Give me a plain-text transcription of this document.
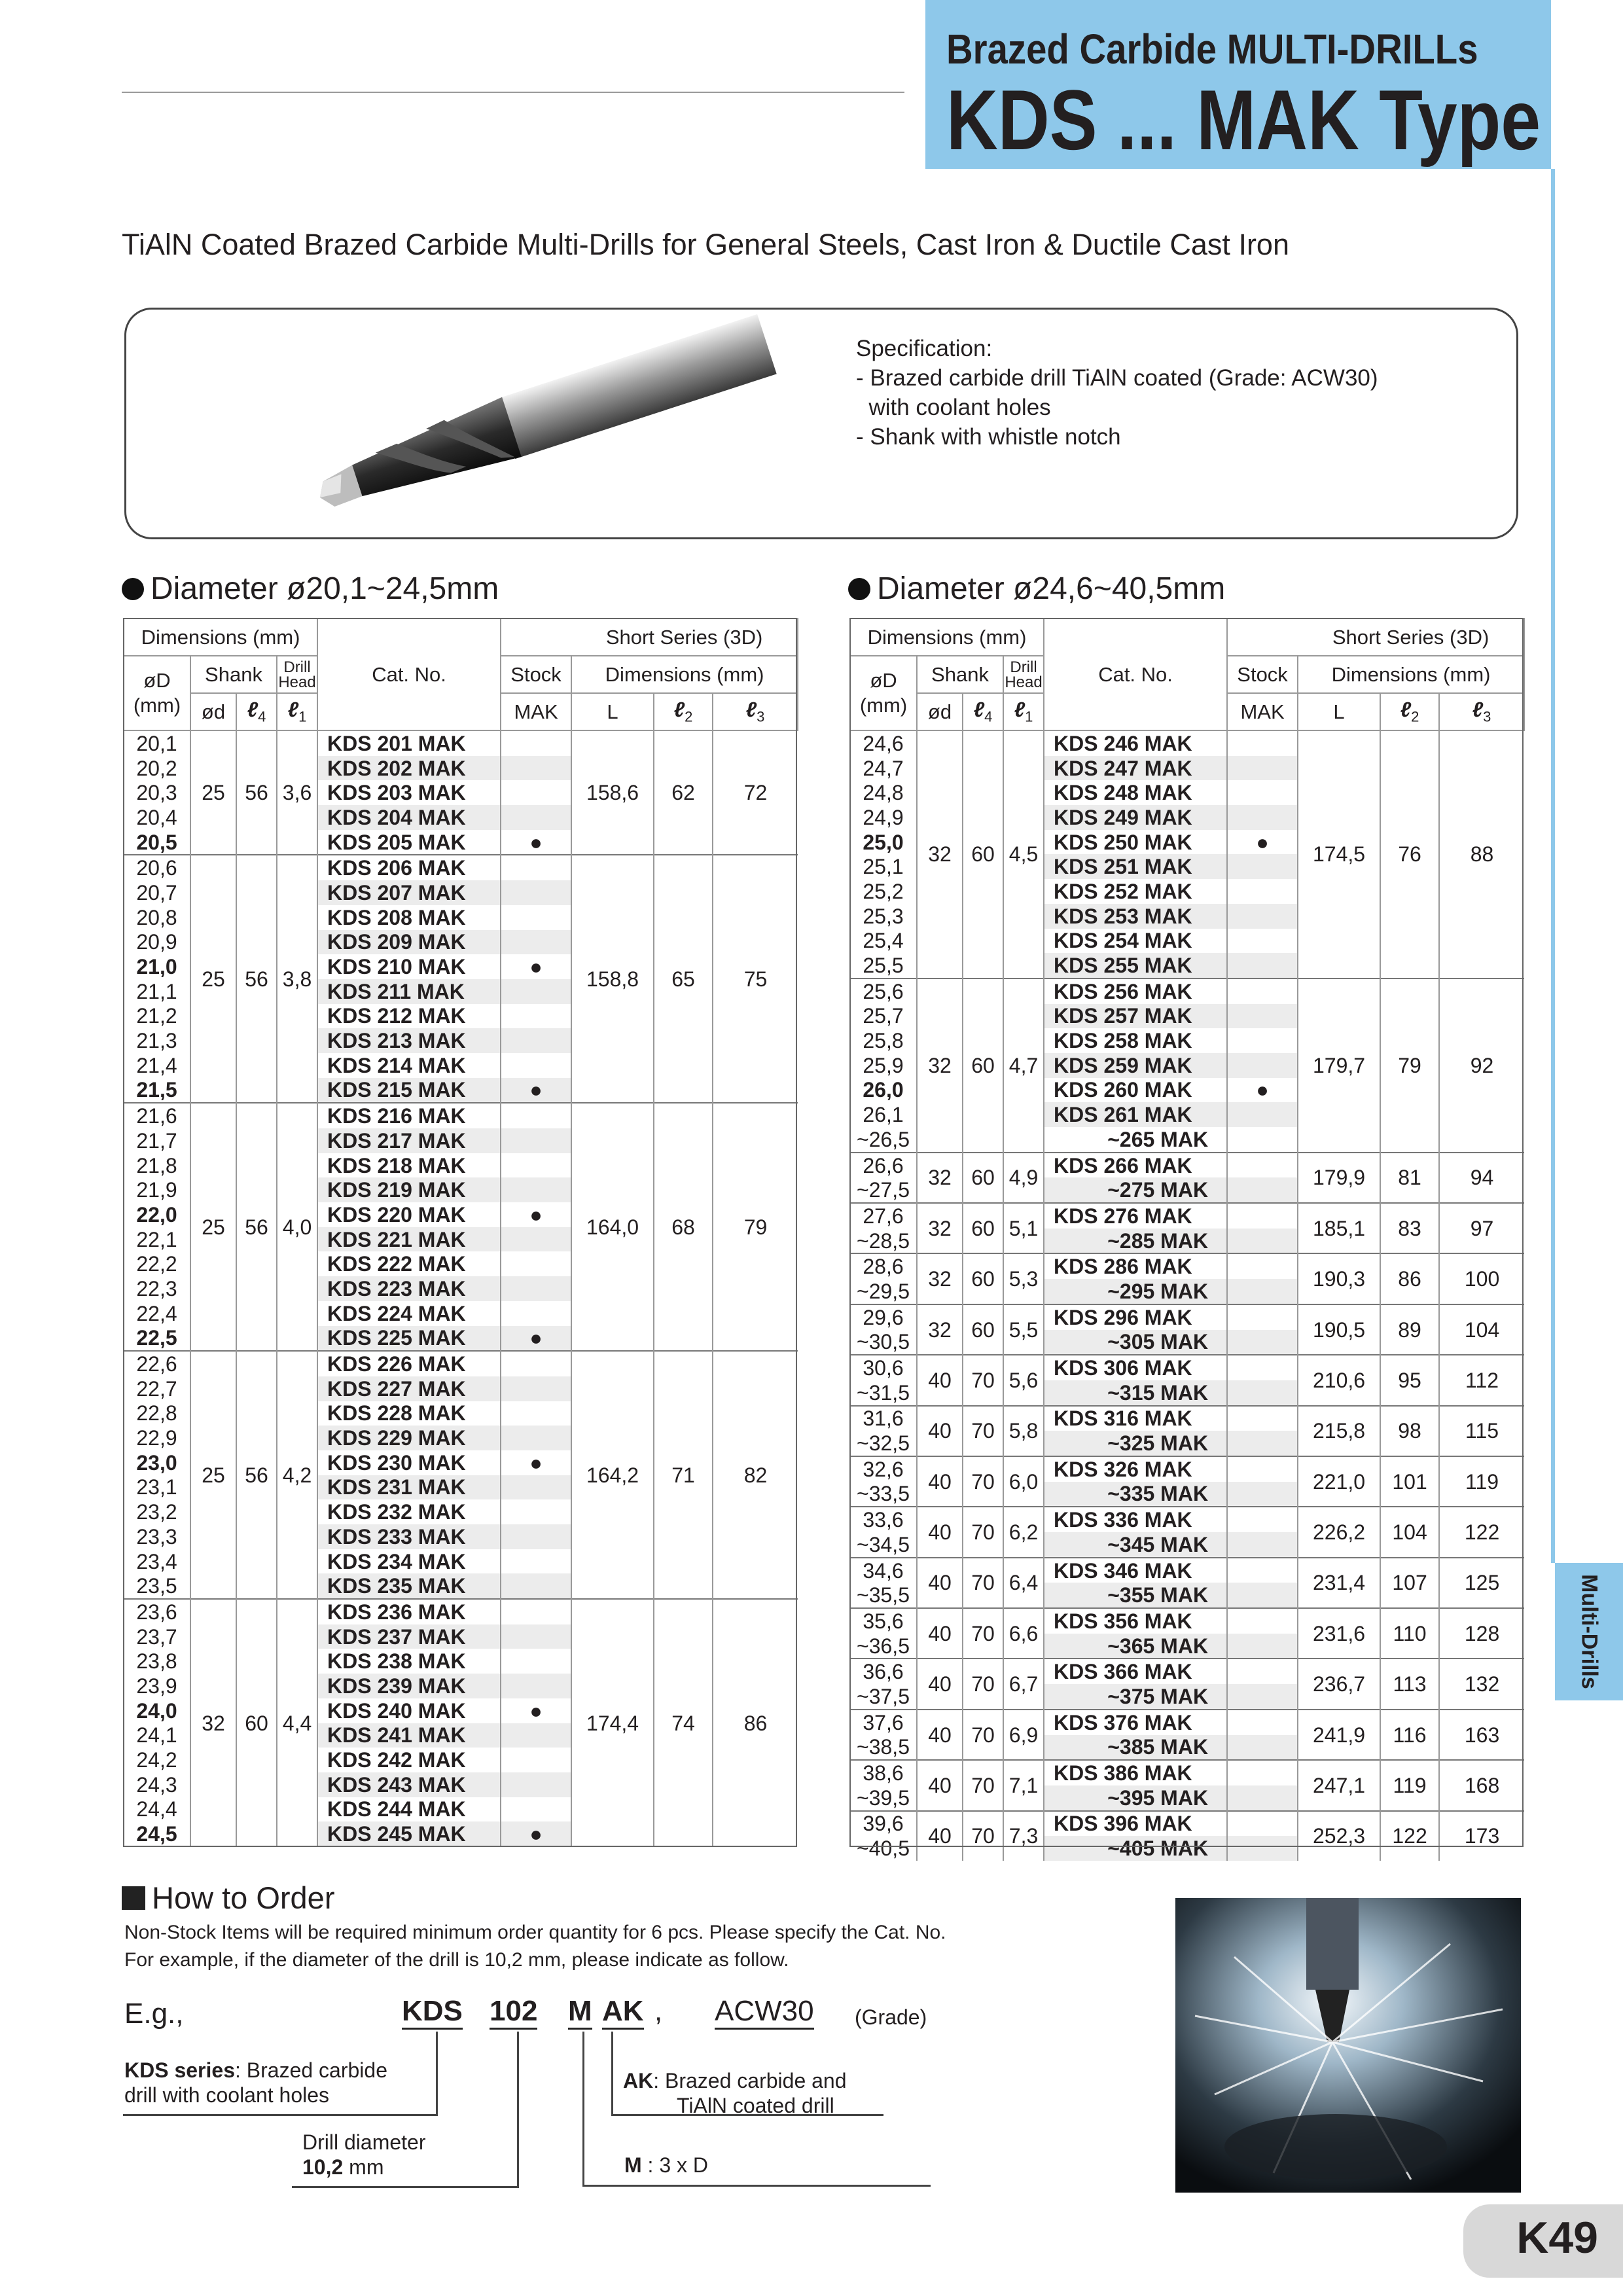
Brazed Carbide MULTI-DRILLs
KDS ... MAK Type
Multi-Drills
TiAlN Coated Brazed Carbide Multi-Drills for General Steels, Cast Iron & Ductile Cast Iron
Specification:
- Brazed carbide drill TiAlN coated (Grade: ACW30)
with coolant holes
- Shank with whistle notch
Diameter ø20,1~24,5mm	Diameter ø24,6~40,5mm
Dimensions (mm)				Cat. No.		Short Series (3D)		
øD
(mm)	Shank		Drill Head		Stock	Dimensions (mm)		
	ød	ℓ$_4$	ℓ$_1$		MAK	L	ℓ$_2$	ℓ$_3$
20,1	25	56	3,6	KDS 201 MAK		158,6	62	72
20,2				KDS 202 MAK				
20,3				KDS 203 MAK				
20,4				KDS 204 MAK				
20,5				KDS 205 MAK	●			
20,6	25	56	3,8	KDS 206 MAK		158,8	65	75
20,7				KDS 207 MAK				
20,8				KDS 208 MAK				
20,9				KDS 209 MAK				
21,0				KDS 210 MAK	●			
21,1				KDS 211 MAK				
21,2				KDS 212 MAK				
21,3				KDS 213 MAK				
21,4				KDS 214 MAK				
21,5				KDS 215 MAK	●			
21,6	25	56	4,0	KDS 216 MAK		164,0	68	79
21,7				KDS 217 MAK				
21,8				KDS 218 MAK				
21,9				KDS 219 MAK				
22,0				KDS 220 MAK	●			
22,1				KDS 221 MAK				
22,2				KDS 222 MAK				
22,3				KDS 223 MAK				
22,4				KDS 224 MAK				
22,5				KDS 225 MAK	●			
22,6	25	56	4,2	KDS 226 MAK		164,2	71	82
22,7				KDS 227 MAK				
22,8				KDS 228 MAK				
22,9				KDS 229 MAK				
23,0				KDS 230 MAK	●			
23,1				KDS 231 MAK				
23,2				KDS 232 MAK				
23,3				KDS 233 MAK				
23,4				KDS 234 MAK				
23,5				KDS 235 MAK				
23,6	32	60	4,4	KDS 236 MAK		174,4	74	86
23,7				KDS 237 MAK				
23,8				KDS 238 MAK				
23,9				KDS 239 MAK				
24,0				KDS 240 MAK	●			
24,1				KDS 241 MAK				
24,2				KDS 242 MAK				
24,3				KDS 243 MAK				
24,4				KDS 244 MAK				
24,5				KDS 245 MAK	●			
Dimensions (mm)				Cat. No.		Short Series (3D)		
øD
(mm)	Shank		Drill Head		Stock	Dimensions (mm)		
	ød	ℓ$_4$	ℓ$_1$		MAK	L	ℓ$_2$	ℓ$_3$
24,6	32	60	4,5	KDS 246 MAK		174,5	76	88
24,7				KDS 247 MAK				
24,8				KDS 248 MAK				
24,9				KDS 249 MAK				
25,0				KDS 250 MAK	●			
25,1				KDS 251 MAK				
25,2				KDS 252 MAK				
25,3				KDS 253 MAK				
25,4				KDS 254 MAK				
25,5				KDS 255 MAK				
25,6	32	60	4,7	KDS 256 MAK		179,7	79	92
25,7				KDS 257 MAK				
25,8				KDS 258 MAK				
25,9				KDS 259 MAK				
26,0				KDS 260 MAK	●			
26,1				KDS 261 MAK				
~26,5				~265 MAK				
26,6	32	60	4,9	KDS 266 MAK		179,9	81	94
~27,5				~275 MAK				
27,6	32	60	5,1	KDS 276 MAK		185,1	83	97
~28,5				~285 MAK				
28,6	32	60	5,3	KDS 286 MAK		190,3	86	100
~29,5				~295 MAK				
29,6	32	60	5,5	KDS 296 MAK		190,5	89	104
~30,5				~305 MAK				
30,6	40	70	5,6	KDS 306 MAK		210,6	95	112
~31,5				~315 MAK				
31,6	40	70	5,8	KDS 316 MAK		215,8	98	115
~32,5				~325 MAK				
32,6	40	70	6,0	KDS 326 MAK		221,0	101	119
~33,5				~335 MAK				
33,6	40	70	6,2	KDS 336 MAK		226,2	104	122
~34,5				~345 MAK				
34,6	40	70	6,4	KDS 346 MAK		231,4	107	125
~35,5				~355 MAK				
35,6	40	70	6,6	KDS 356 MAK		231,6	110	128
~36,5				~365 MAK				
36,6	40	70	6,7	KDS 366 MAK		236,7	113	132
~37,5				~375 MAK				
37,6	40	70	6,9	KDS 376 MAK		241,9	116	163
~38,5				~385 MAK				
38,6	40	70	7,1	KDS 386 MAK		247,1	119	168
~39,5				~395 MAK				
39,6	40	70	7,3	KDS 396 MAK		252,3	122	173
~40,5				~405 MAK				
How to Order
Non-Stock Items will be required minimum order quantity for 6 pcs. Please specify the Cat. No.
For example, if the diameter of the drill is 10,2 mm, please indicate as follow.
E.g.,	KDS 102 M AK , ACW30 (Grade)
KDS series: Brazed carbide
drill with coolant holes
Drill diameter
10,2 mm
AK: Brazed carbide and
TiAlN coated drill
M : 3 x D
K49
